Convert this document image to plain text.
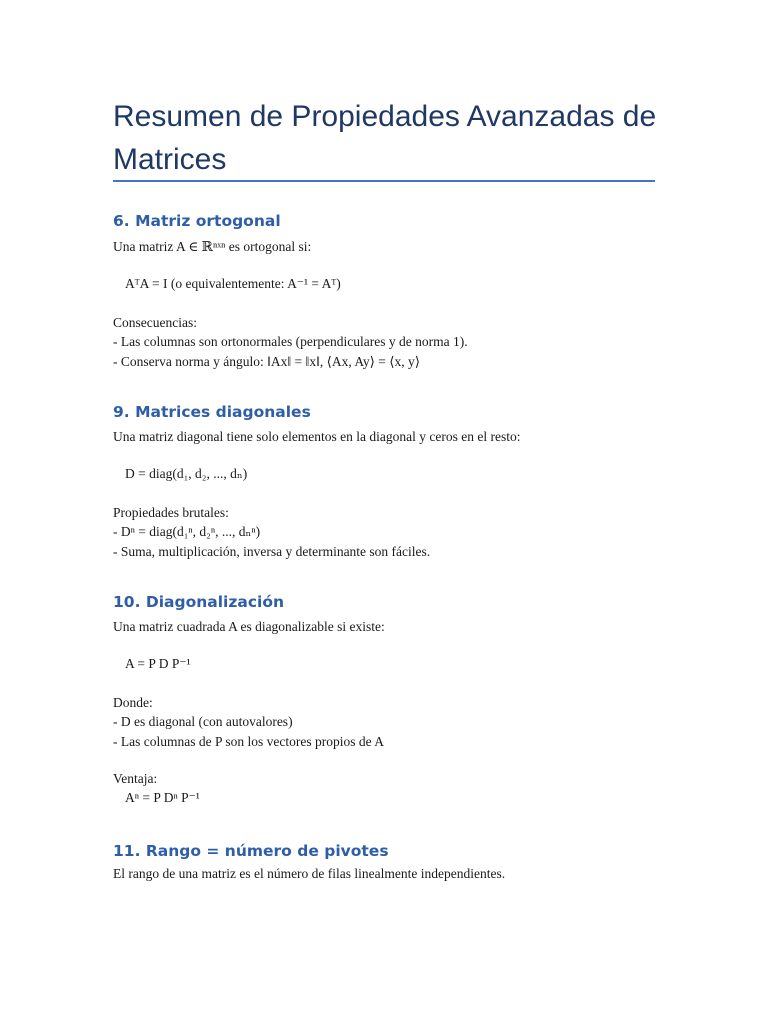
Resumen de Propiedades Avanzadas de Matrices
6. Matriz ortogonal

Una matriz A ∈ ℝⁿˣⁿ es ortogonal si:

AᵀA = I (o equivalentemente: A⁻¹ = Aᵀ)

Consecuencias:

- Las columnas son ortonormales (perpendiculares y de norma 1).

- Conserva norma y ángulo: ‖Ax‖ = ‖x‖, ⟨Ax, Ay⟩ = ⟨x, y⟩

9. Matrices diagonales

Una matriz diagonal tiene solo elementos en la diagonal y ceros en el resto:

D = diag(d₁, d₂, ..., dₙ)

Propiedades brutales:

- Dⁿ = diag(d₁ⁿ, d₂ⁿ, ..., dₙⁿ)

- Suma, multiplicación, inversa y determinante son fáciles.

10. Diagonalización

Una matriz cuadrada A es diagonalizable si existe:

A = P D P⁻¹

Donde:

- D es diagonal (con autovalores)

- Las columnas de P son los vectores propios de A

Ventaja:

Aⁿ = P Dⁿ P⁻¹

11. Rango = número de pivotes

El rango de una matriz es el número de filas linealmente independientes.
